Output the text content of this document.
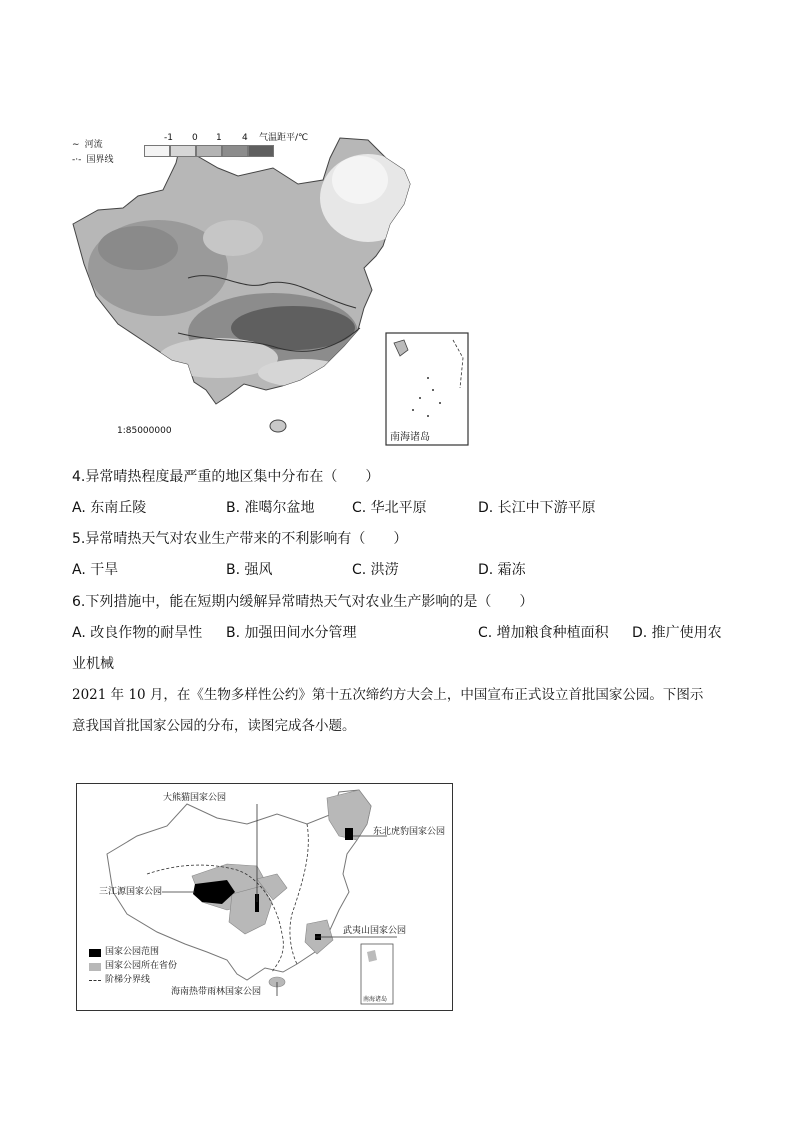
∼ 河流
-·- 国界线
-1 0 1 4 气温距平/℃
1:85000000
南海诸岛
4.异常晴热程度最严重的地区集中分布在（　　）
A. 东南丘陵	B. 准噶尔盆地	C. 华北平原	D. 长江中下游平原
5.异常晴热天气对农业生产带来的不利影响有（　　）
A. 干旱	B. 强风	C. 洪涝	D. 霜冻
6.下列措施中，能在短期内缓解异常晴热天气对农业生产影响的是（　　）
A. 改良作物的耐旱性 B. 加强田间水分管理	C. 增加粮食种植面积 D. 推广使用农
业机械
2021 年 10 月，在《生物多样性公约》第十五次缔约方大会上，中国宣布正式设立首批国家公园。下图示
意我国首批国家公园的分布，读图完成各小题。
国家公园范围
国家公园所在省份
阶梯分界线
大熊猫国家公园
东北虎豹国家公园
三江源国家公园
武夷山国家公园
海南热带雨林国家公园
南海诸岛
